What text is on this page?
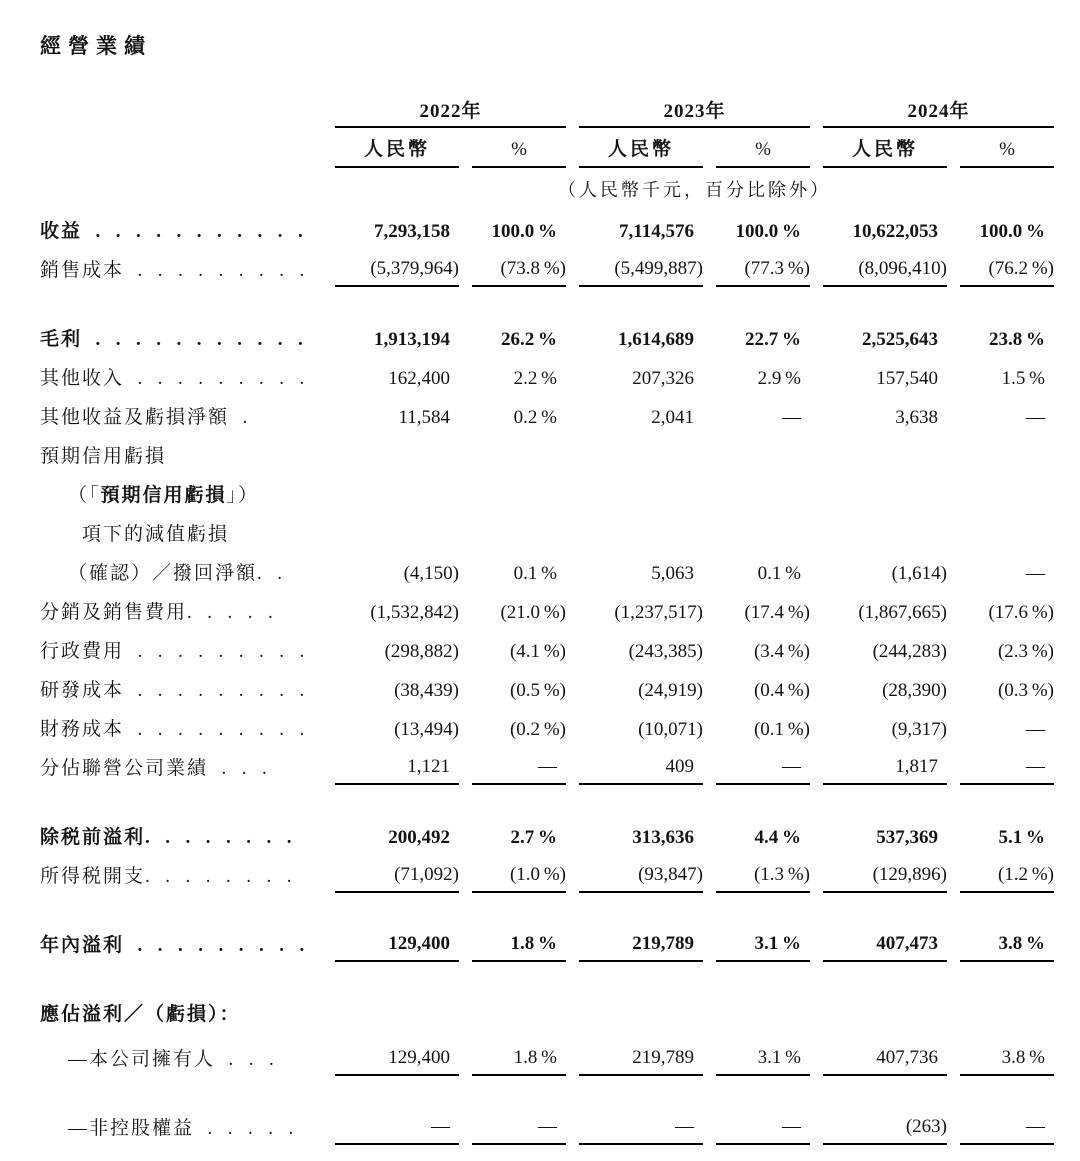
經營業績
2022年	2023年	2024年
人民幣	%	人民幣	%	人民幣	%
（人民幣千元，百分比除外）
收益  .  .  .  .  .  .  .  .  .  .  .	7,293,158	100.0 %	7,114,576	100.0 %	10,622,053	100.0 %
銷售成本  .  .  .  .  .  .  .  .  .	(5,379,964)	(73.8 %)	(5,499,887)	(77.3 %)	(8,096,410)	(76.2 %)
毛利  .  .  .  .  .  .  .  .  .  .  .	1,913,194	26.2 %	1,614,689	22.7 %	2,525,643	23.8 %
其他收入  .  .  .  .  .  .  .  .  .	162,400	2.2 %	207,326	2.9 %	157,540	1.5 %
其他收益及虧損淨額  .	11,584	0.2 %	2,041	—	3,638	—
預期信用虧損
（「預期信用虧損」）
項下的減值虧損
（確認）／撥回淨額.  .	(4,150)	0.1 %	5,063	0.1 %	(1,614)	—
分銷及銷售費用.  .  .  .  .	(1,532,842)	(21.0 %)	(1,237,517)	(17.4 %)	(1,867,665)	(17.6 %)
行政費用  .  .  .  .  .  .  .  .  .	(298,882)	(4.1 %)	(243,385)	(3.4 %)	(244,283)	(2.3 %)
研發成本  .  .  .  .  .  .  .  .  .	(38,439)	(0.5 %)	(24,919)	(0.4 %)	(28,390)	(0.3 %)
財務成本  .  .  .  .  .  .  .  .  .	(13,494)	(0.2 %)	(10,071)	(0.1 %)	(9,317)	—
分佔聯營公司業績  .  .  .	1,121	—	409	—	1,817	—
除税前溢利.  .  .  .  .  .  .  .	200,492	2.7 %	313,636	4.4 %	537,369	5.1 %
所得税開支.  .  .  .  .  .  .  .	(71,092)	(1.0 %)	(93,847)	(1.3 %)	(129,896)	(1.2 %)
年內溢利  .  .  .  .  .  .  .  .  .	129,400	1.8 %	219,789	3.1 %	407,473	3.8 %
應佔溢利／（虧損）：
—本公司擁有人  .  .  .	129,400	1.8 %	219,789	3.1 %	407,736	3.8 %
—非控股權益  .  .  .  .  .	—	—	—	—	(263)	—
